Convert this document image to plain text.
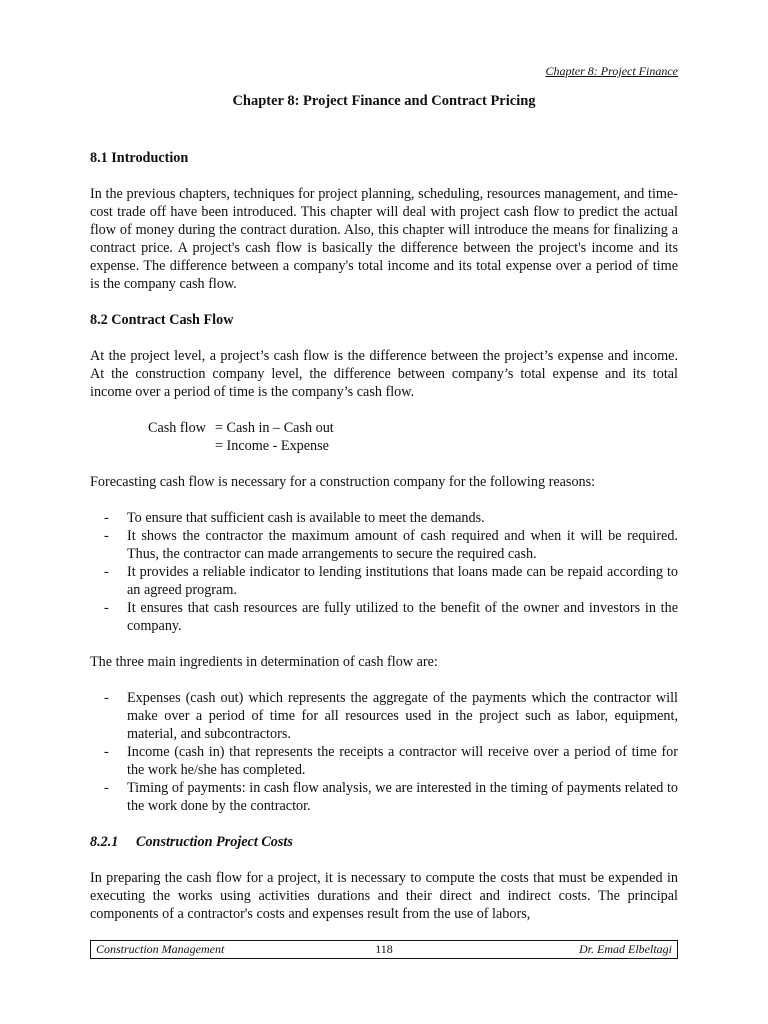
Chapter 8: Project Finance
Chapter 8: Project Finance and Contract Pricing
8.1 Introduction

In the previous chapters, techniques for project planning, scheduling, resources management, and time-cost trade off have been introduced. This chapter will deal with project cash flow to predict the actual flow of money during the contract duration. Also, this chapter will introduce the means for finalizing a contract price. A project's cash flow is basically the difference between the project's income and its expense. The difference between a company's total income and its total expense over a period of time is the company cash flow.

8.2 Contract Cash Flow

At the project level, a project’s cash flow is the difference between the project’s expense and income. At the construction company level, the difference between company’s total expense and its total income over a period of time is the company’s cash flow.

Cash flow = Cash in – Cash out
= Income - Expense

Forecasting cash flow is necessary for a construction company for the following reasons:

- To ensure that sufficient cash is available to meet the demands.
- It shows the contractor the maximum amount of cash required and when it will be required. Thus, the contractor can made arrangements to secure the required cash.
- It provides a reliable indicator to lending institutions that loans made can be repaid according to an agreed program.
- It ensures that cash resources are fully utilized to the benefit of the owner and investors in the company.

The three main ingredients in determination of cash flow are:

- Expenses (cash out) which represents the aggregate of the payments which the contractor will make over a period of time for all resources used in the project such as labor, equipment, material, and subcontractors.
- Income (cash in) that represents the receipts a contractor will receive over a period of time for the work he/she has completed.
- Timing of payments: in cash flow analysis, we are interested in the timing of payments related to the work done by the contractor.
8.2.1 Construction Project Costs

In preparing the cash flow for a project, it is necessary to compute the costs that must be expended in executing the works using activities durations and their direct and indirect costs. The principal components of a contractor's costs and expenses result from the use of labors,

Construction Management	118	Dr. Emad Elbeltagi
